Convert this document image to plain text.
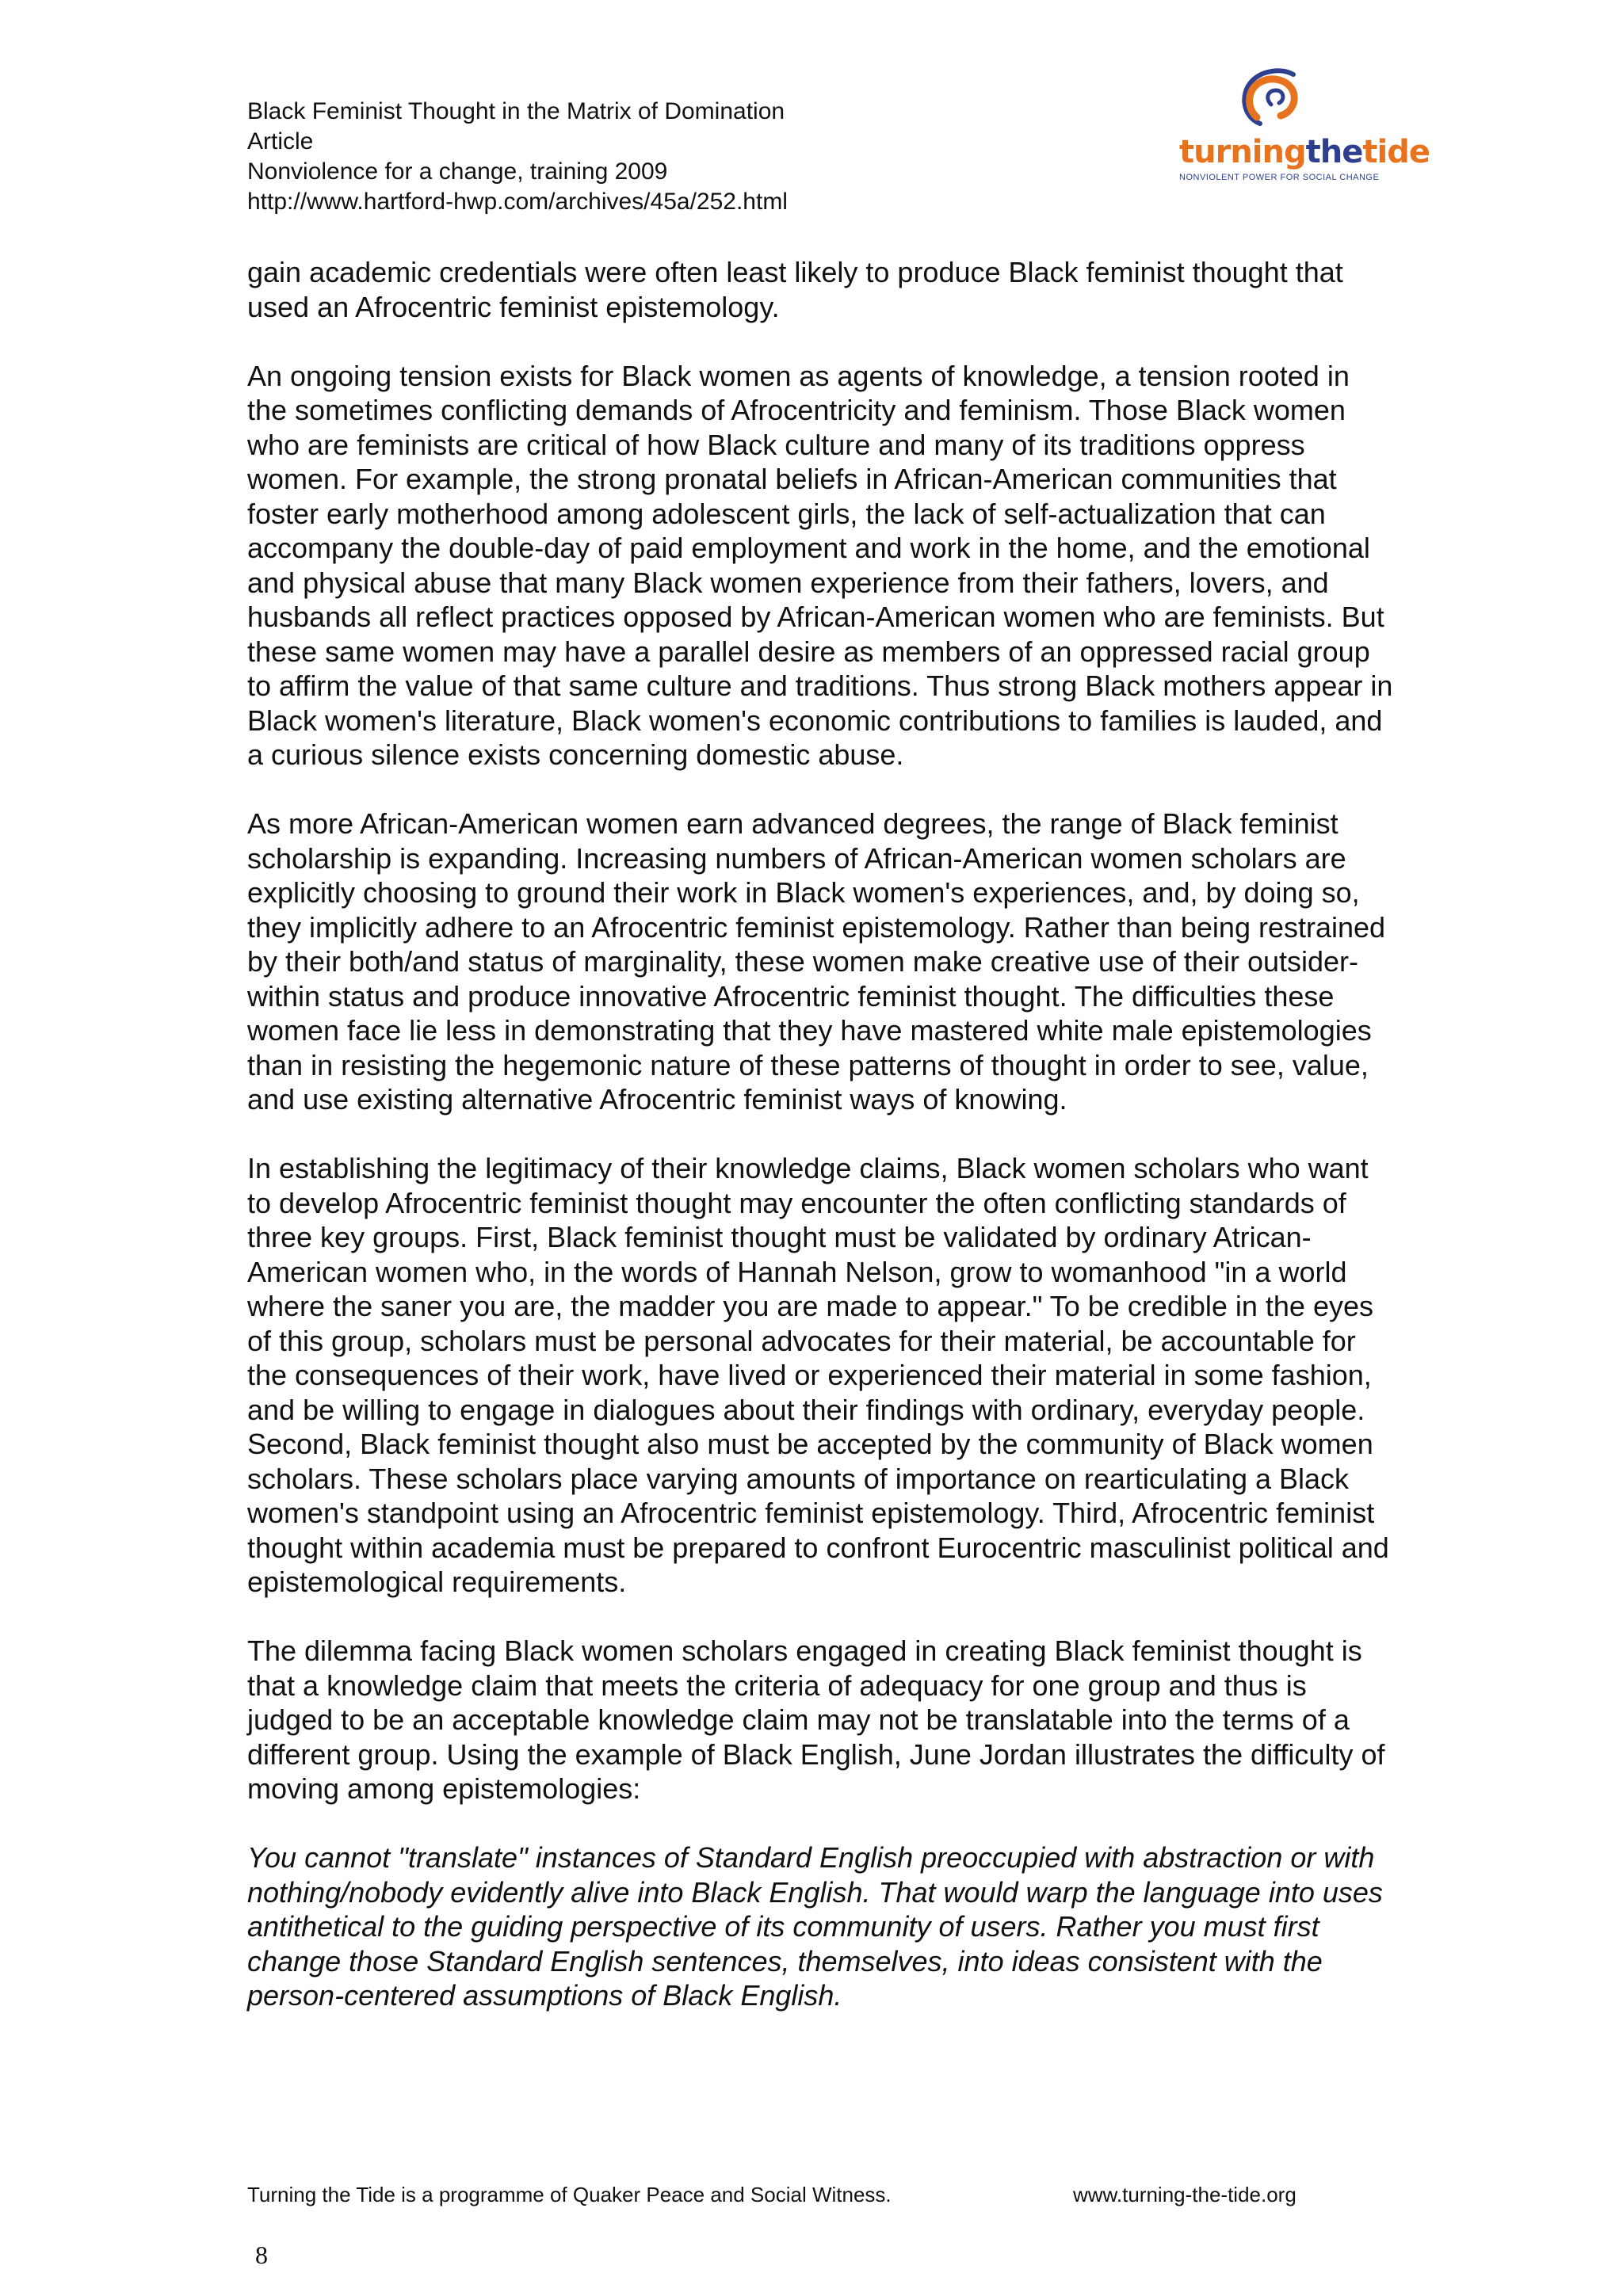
Black Feminist Thought in the Matrix of Domination
Article
Nonviolence for a change, training 2009
http://www.hartford-hwp.com/archives/45a/252.html
turningthetide
NONVIOLENT POWER FOR SOCIAL CHANGE

gain academic credentials were often least likely to produce Black feminist thought that used an Afrocentric feminist epistemology.

An ongoing tension exists for Black women as agents of knowledge, a tension rooted in the sometimes conflicting demands of Afrocentricity and feminism. Those Black women who are feminists are critical of how Black culture and many of its traditions oppress women. For example, the strong pronatal beliefs in African-American communities that foster early motherhood among adolescent girls, the lack of self-actualization that can accompany the double-day of paid employment and work in the home, and the emotional and physical abuse that many Black women experience from their fathers, lovers, and husbands all reflect practices opposed by African-American women who are feminists. But these same women may have a parallel desire as members of an oppressed racial group to affirm the value of that same culture and traditions. Thus strong Black mothers appear in Black women's literature, Black women's economic contributions to families is lauded, and a curious silence exists concerning domestic abuse.

As more African-American women earn advanced degrees, the range of Black feminist scholarship is expanding. Increasing numbers of African-American women scholars are explicitly choosing to ground their work in Black women's experiences, and, by doing so, they implicitly adhere to an Afrocentric feminist epistemology. Rather than being restrained by their both/and status of marginality, these women make creative use of their outsider-within status and produce innovative Afrocentric feminist thought. The difficulties these women face lie less in demonstrating that they have mastered white male epistemologies than in resisting the hegemonic nature of these patterns of thought in order to see, value, and use existing alternative Afrocentric feminist ways of knowing.

In establishing the legitimacy of their knowledge claims, Black women scholars who want to develop Afrocentric feminist thought may encounter the often conflicting standards of three key groups. First, Black feminist thought must be validated by ordinary Atrican-American women who, in the words of Hannah Nelson, grow to womanhood "in a world where the saner you are, the madder you are made to appear." To be credible in the eyes of this group, scholars must be personal advocates for their material, be accountable for the consequences of their work, have lived or experienced their material in some fashion, and be willing to engage in dialogues about their findings with ordinary, everyday people. Second, Black feminist thought also must be accepted by the community of Black women scholars. These scholars place varying amounts of importance on rearticulating a Black women's standpoint using an Afrocentric feminist epistemology. Third, Afrocentric feminist thought within academia must be prepared to confront Eurocentric masculinist political and epistemological requirements.

The dilemma facing Black women scholars engaged in creating Black feminist thought is that a knowledge claim that meets the criteria of adequacy for one group and thus is judged to be an acceptable knowledge claim may not be translatable into the terms of a different group. Using the example of Black English, June Jordan illustrates the difficulty of moving among epistemologies:

You cannot "translate" instances of Standard English preoccupied with abstraction or with nothing/nobody evidently alive into Black English. That would warp the language into uses antithetical to the guiding perspective of its community of users. Rather you must first change those Standard English sentences, themselves, into ideas consistent with the person-centered assumptions of Black English.

Turning the Tide is a programme of Quaker Peace and Social Witness.	www.turning-the-tide.org
8
